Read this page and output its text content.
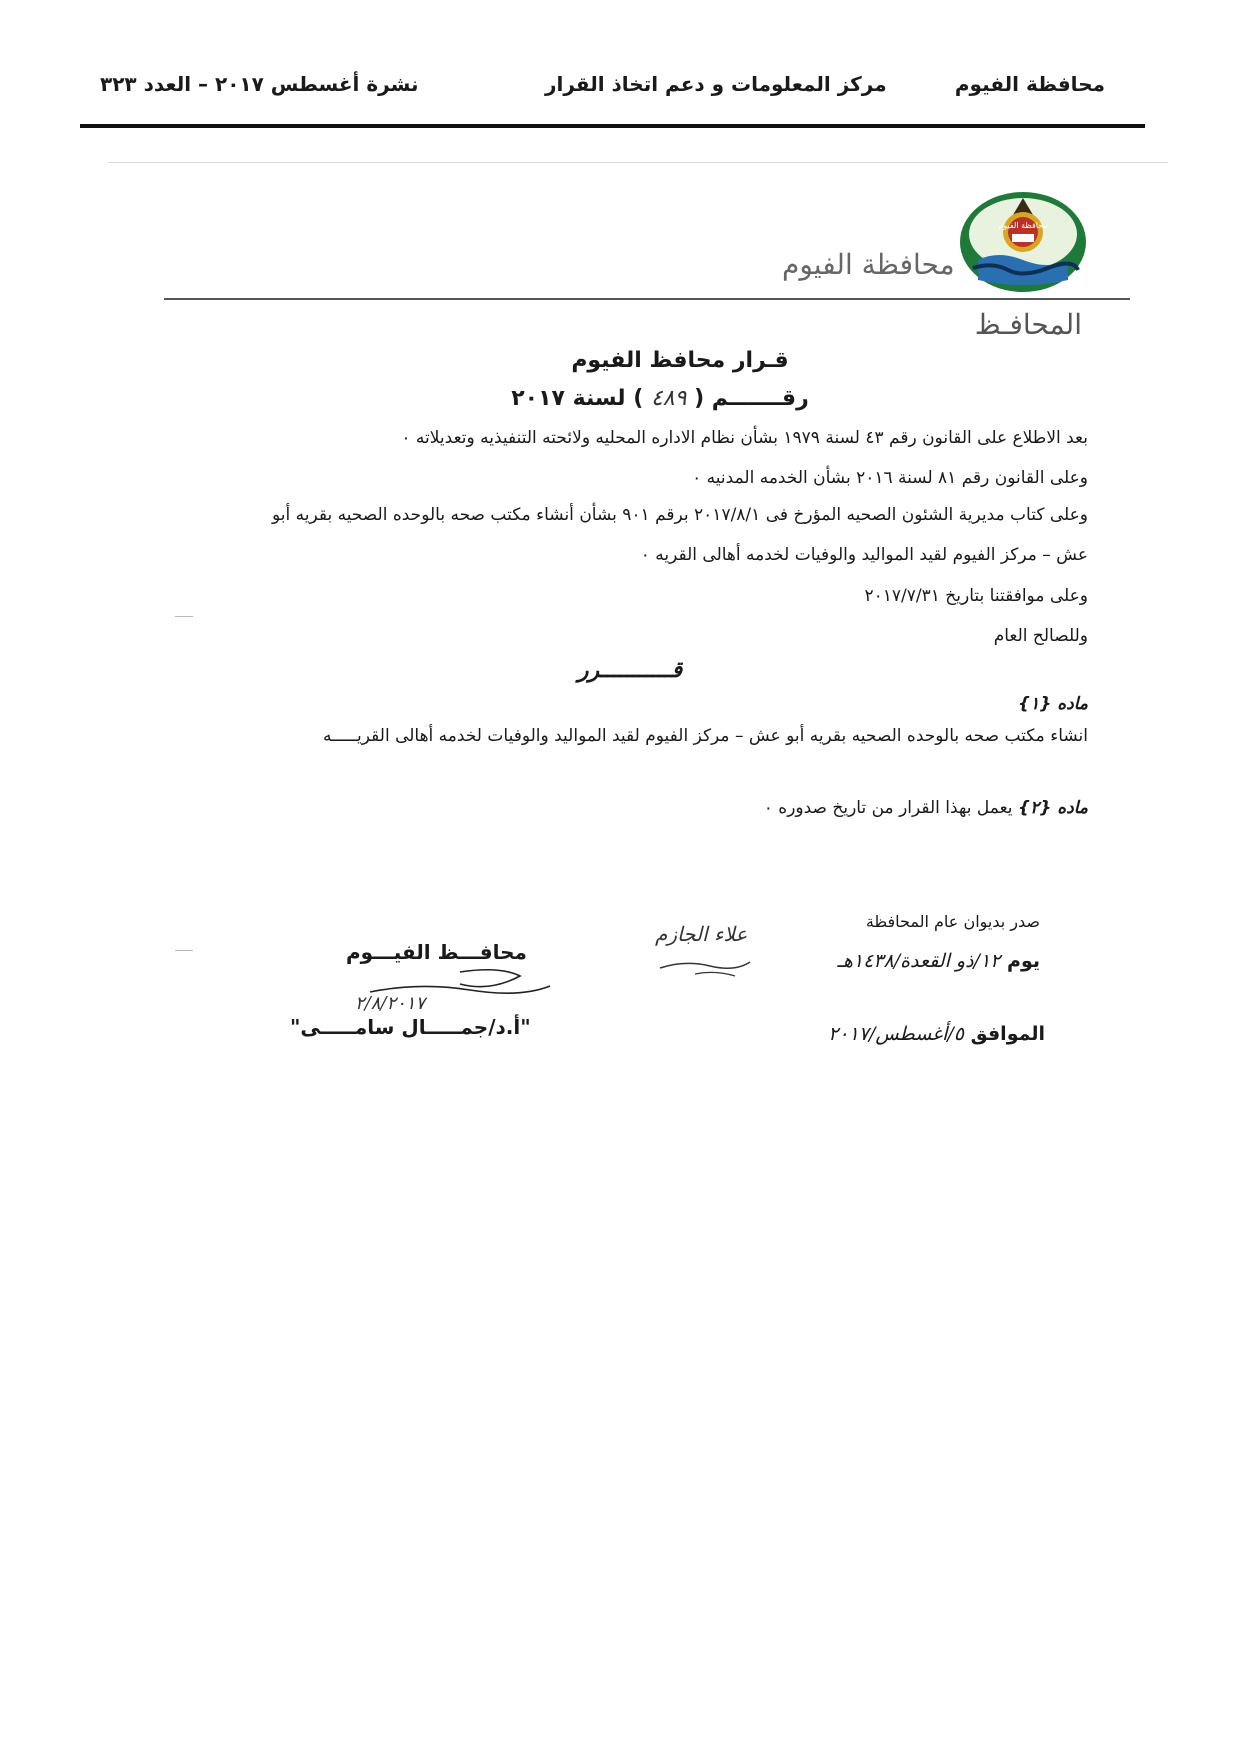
محافظة الفيوم
مركز المعلومات و دعم اتخاذ القرار
نشرة أغسطس ٢٠١٧ – العدد ٣٢٣
محافظة الفيوم
محافظة الفيوم
المحافـظ
قـرار محافظ الفيوم
رقـــــــم ( ٤٨٩ ) لسنة ٢٠١٧
بعد الاطلاع على القانون رقم ٤٣ لسنة ١٩٧٩ بشأن نظام الاداره المحليه ولائحته التنفيذيه وتعديلاته ٠
وعلى القانون رقم ٨١ لسنة ٢٠١٦ بشأن الخدمه المدنيه ٠
وعلى كتاب مديرية الشئون الصحيه المؤرخ فى ٢٠١٧/٨/١ برقم ٩٠١ بشأن أنشاء مكتب صحه بالوحده الصحيه بقريه أبو
عش – مركز الفيوم لقيد المواليد والوفيات لخدمه أهالى القريه ٠
وعلى موافقتنا بتاريخ ٢٠١٧/٧/٣١
وللصالح العام
قـــــــــــرر
ماده {١}
انشاء مكتب صحه بالوحده الصحيه بقريه أبو عش – مركز الفيوم لقيد المواليد والوفيات لخدمه أهالى القريـــــه
ماده {٢} يعمل بهذا القرار من تاريخ صدوره ٠
صدر بديوان عام المحافظة
يوم ١٢/ذو القعدة/١٤٣٨هـ
الموافق ٥/أغسطس/٢٠١٧
علاء الجازم
محافـــظ الفيـــوم
٢/٨/٢٠١٧
"أ.د/جمـــــال سامـــــى"
